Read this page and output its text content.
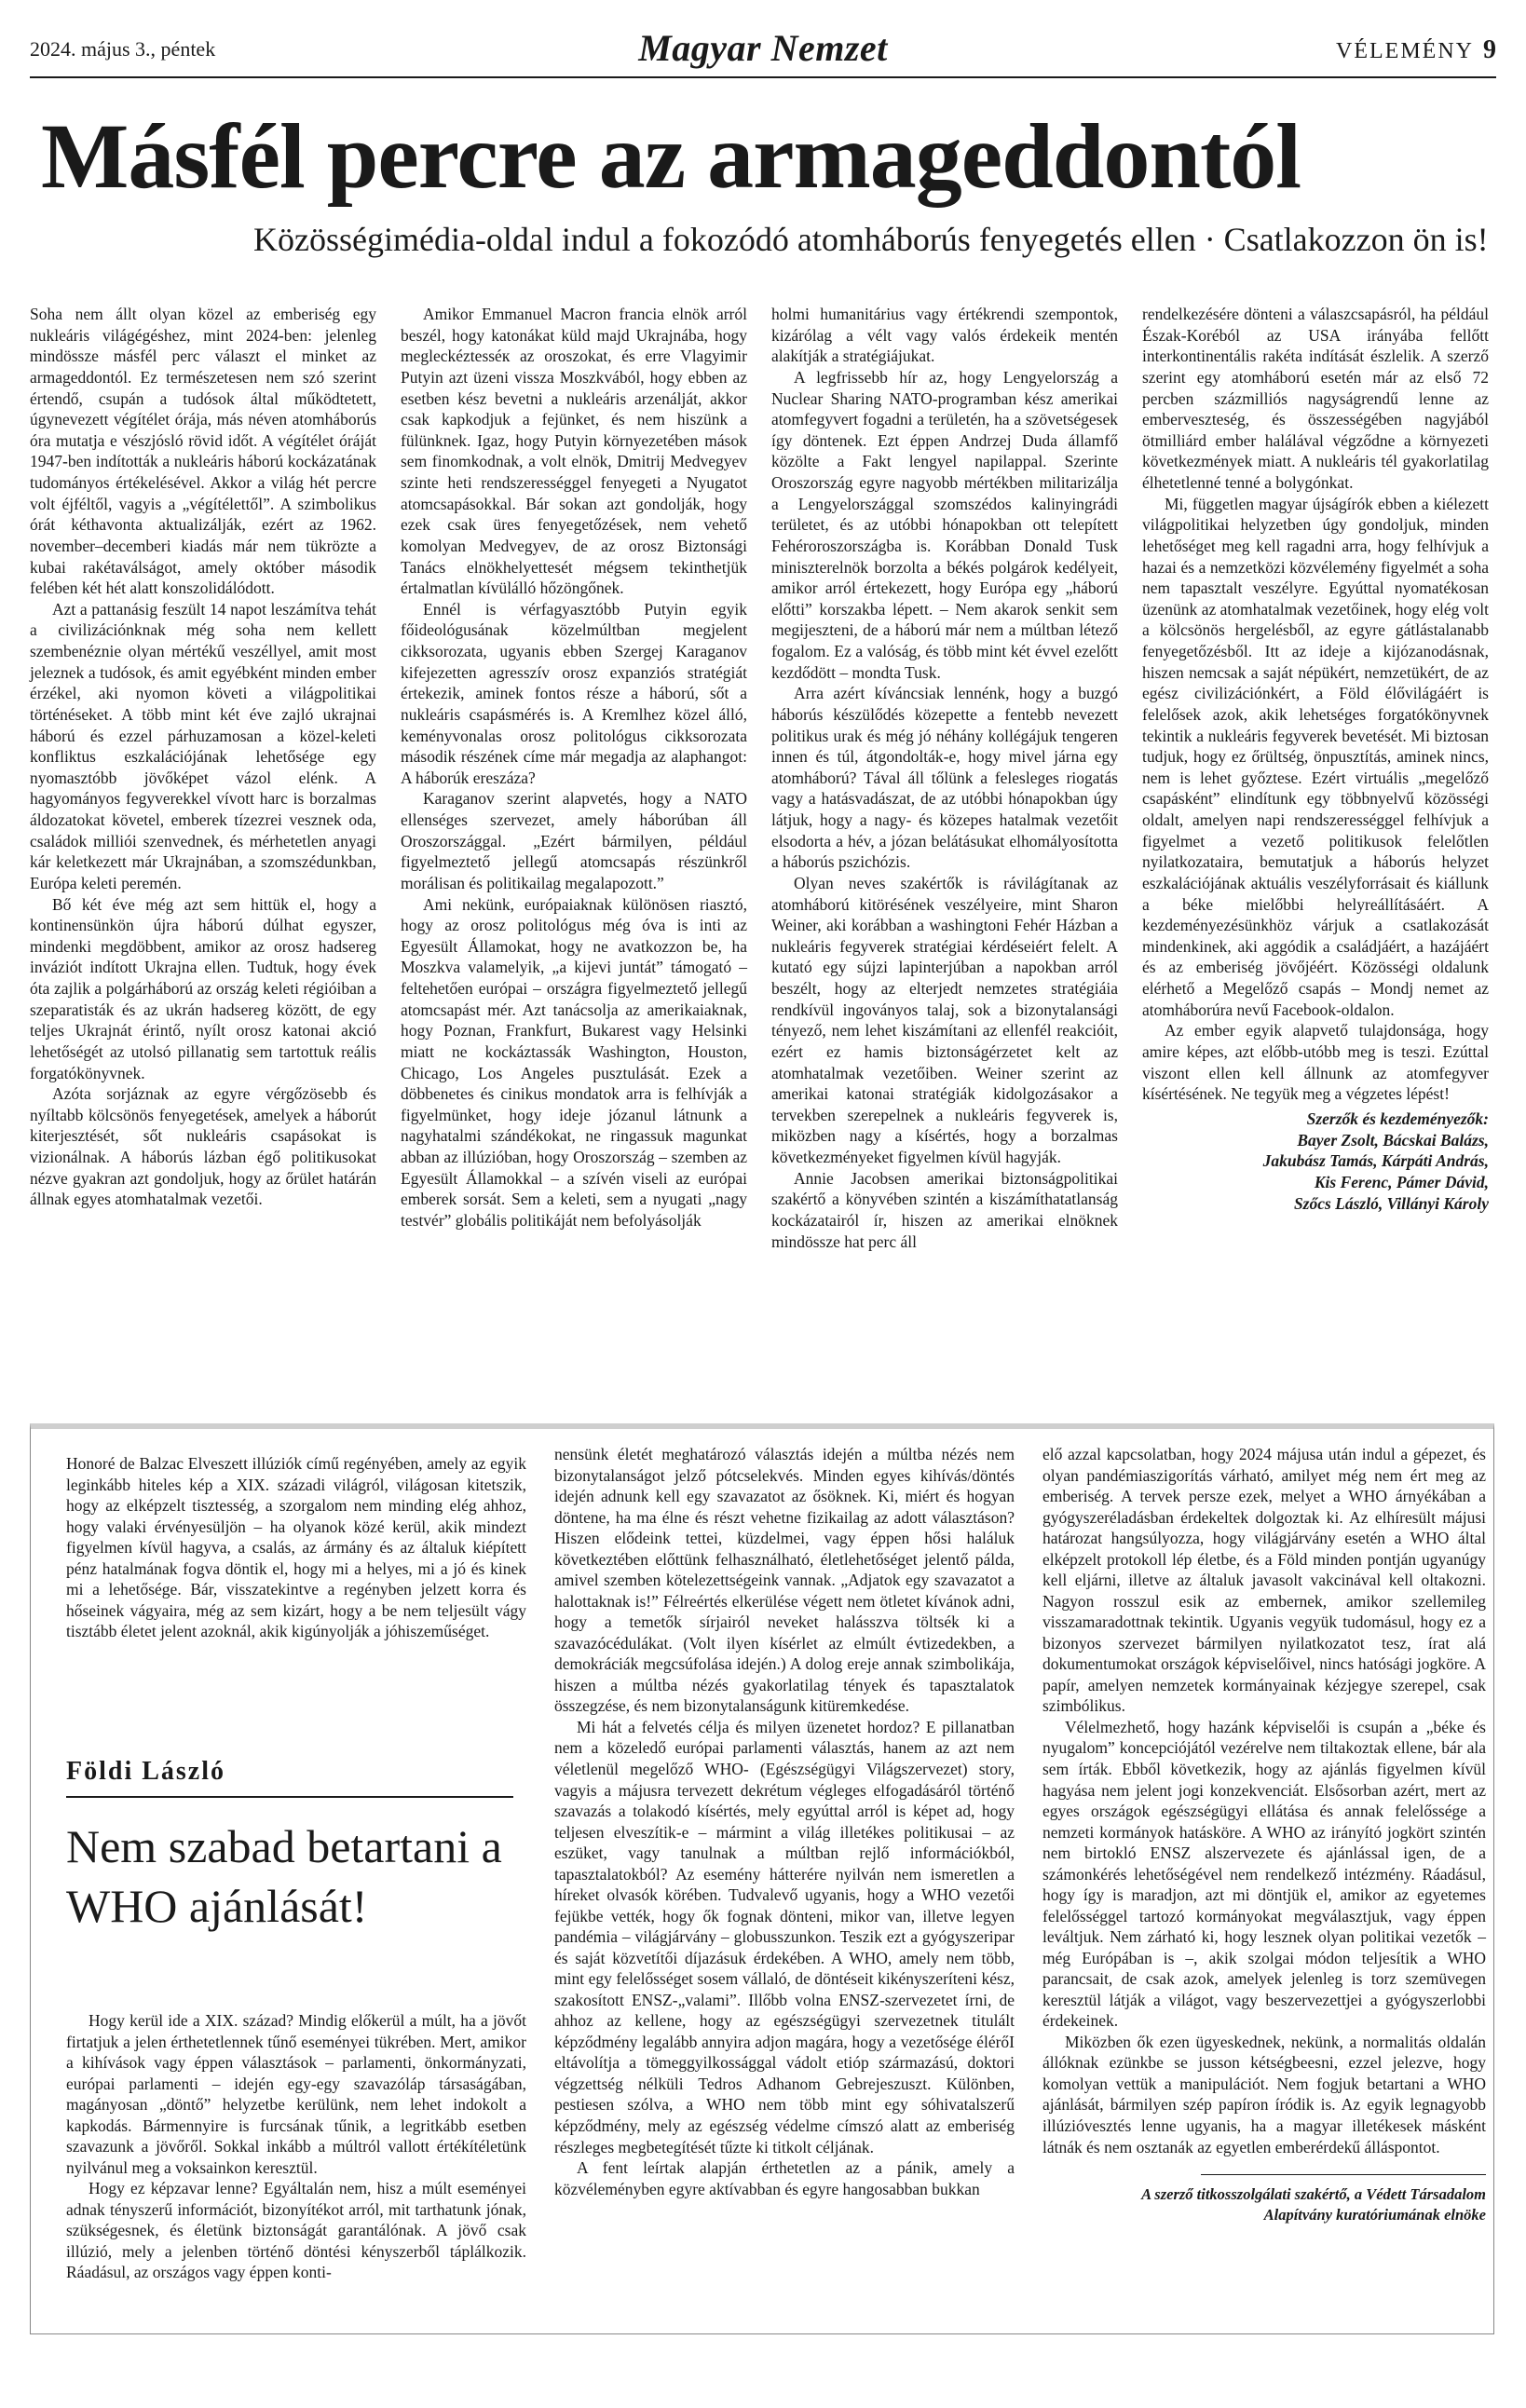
2024. május 3., péntek	Magyar Nemzet	VÉLEMÉNY 9
Másfél percre az armageddontól
Közösségimédia-oldal indul a fokozódó atomháborús fenyegetés ellen · Csatlakozzon ön is!

Soha nem állt olyan közel az emberiség egy nukleáris világégéshez, mint 2024-ben: jelenleg mindössze másfél perc választ el minket az armageddontól. Ez természetesen nem szó szerint értendő, csupán a tudósok által működtetett, úgynevezett végítélet órája, más néven atomháborús óra mutatja e vészjósló rövid időt. A végítélet óráját 1947-ben indították a nukleáris háború kockázatának tudományos értékelésével. Akkor a világ hét percre volt éjféltől, vagyis a „végítélettől”. A szimbolikus órát kéthavonta aktualizálják, ezért az 1962. november–decemberi kiadás már nem tükrözte a kubai rakétaválságot, amely október második felében két hét alatt konszolidálódott.

Azt a pattanásig feszült 14 napot leszámítva tehát a civilizációnknak még soha nem kellett szembenéznie olyan mértékű veszéllyel, amit most jeleznek a tudósok, és amit egyébként minden ember érzékel, aki nyomon követi a világpolitikai történéseket. A több mint két éve zajló ukrajnai háború és ezzel párhuzamosan a közel-keleti konfliktus eszkalációjának lehetősége egy nyomasztóbb jövőképet vázol elénk. A hagyományos fegyverekkel vívott harc is borzalmas áldozatokat követel, emberek tízezrei vesznek oda, családok milliói szenvednek, és mérhetetlen anyagi kár keletkezett már Ukrajnában, a szomszédunkban, Európa keleti peremén.

Bő két éve még azt sem hittük el, hogy a kontinensünkön újra háború dúlhat egyszer, mindenki megdöbbent, amikor az orosz hadsereg inváziót indított Ukrajna ellen. Tudtuk, hogy évek óta zajlik a polgárháború az ország keleti régióiban a szeparatisták és az ukrán hadsereg között, de egy teljes Ukrajnát érintő, nyílt orosz katonai akció lehetőségét az utolsó pillanatig sem tartottuk reális forgatókönyvnek.

Azóta sorjáznak az egyre vérgőzösebb és nyíltabb kölcsönös fenyegetések, amelyek a háborút kiterjesztését, sőt nukleáris csapásokat is vizionálnak. A háborús lázban égő politikusokat nézve gyakran azt gondoljuk, hogy az őrület határán állnak egyes atomhatalmak vezetői.

Amikor Emmanuel Macron francia elnök arról beszél, hogy katonákat küld majd Ukrajnába, hogy megleckéztesséк az oroszokat, és erre Vlagyimir Putyin azt üzeni vissza Moszkvából, hogy ebben az esetben kész bevetni a nukleáris arzenálját, akkor csak kapkodjuk a fejünket, és nem hiszünk a fülünknek. Igaz, hogy Putyin környezetében mások sem finomkodnak, a volt elnök, Dmitrij Medvegyev szinte heti rendszerességgel fenyegeti a Nyugatot atomcsapásokkal. Bár sokan azt gondolják, hogy ezek csak üres fenyegetőzések, nem vehető komolyan Medvegyev, de az orosz Biztonsági Tanács elnökhelyettesét mégsem tekinthetjük értalmatlan kívülálló hőzöngőnek.

Ennél is vérfagyasztóbb Putyin egyik főideológusának közelmúltban megjelent cikksorozata, ugyanis ebben Szergej Karaganov kifejezetten agresszív orosz expanziós stratégiát értekezik, aminek fontos része a háború, sőt a nukleáris csapásmérés is. A Kremlhez közel álló, keményvonalas orosz politológus cikksorozata második részének címe már megadja az alaphangot: A háborúk ereszáza?

Karaganov szerint alapvetés, hogy a NATO ellenséges szervezet, amely háborúban áll Oroszországgal. „Ezért bármilyen, például figyelmeztető jellegű atomcsapás részünkről morálisan és politikailag megalapozott.”

Ami nekünk, európaiaknak különösen riasztó, hogy az orosz politológus még óva is inti az Egyesült Államokat, hogy ne avatkozzon be, ha Moszkva valamelyik, „a kijevi juntát” támogató – feltehetően európai – országra figyelmeztető jellegű atomcsapást mér. Azt tanácsolja az amerikaiaknak, hogy Poznan, Frankfurt, Bukarest vagy Helsinki miatt ne kockáztassák Washington, Houston, Chicago, Los Angeles pusztulását. Ezek a döbbenetes és cinikus mondatok arra is felhívják a figyelmünket, hogy ideje józanul látnunk a nagyhatalmi szándékokat, ne ringassuk magunkat abban az illúzióban, hogy Oroszország – szemben az Egyesült Államokkal – a szívén viseli az európai emberek sorsát. Sem a keleti, sem a nyugati „nagy testvér” globális politikáját nem befolyásolják

holmi humanitárius vagy értékrendi szempontok, kizárólag a vélt vagy valós érdekeik mentén alakítják a stratégiájukat.

A legfrissebb hír az, hogy Lengyelország a Nuclear Sharing NATO-programban kész amerikai atomfegyvert fogadni a területén, ha a szövetségesek így döntenek. Ezt éppen Andrzej Duda államfő közölte a Fakt lengyel napilappal. Szerinte Oroszország egyre nagyobb mértékben militarizálja a Lengyelországgal szomszédos kalinyingrádi területet, és az utóbbi hónapokban ott telepített Fehéroroszországba is. Korábban Donald Tusk miniszterelnök borzolta a békés polgárok kedélyeit, amikor arról értekezett, hogy Európa egy „háború előtti” korszakba lépett. – Nem akarok senkit sem megijeszteni, de a háború már nem a múltban létező fogalom. Ez a valóság, és több mint két évvel ezelőtt kezdődött – mondta Tusk.

Arra azért kíváncsiak lennénk, hogy a buzgó háborús készülődés közepette a fentebb nevezett politikus urak és még jó néhány kollégájuk tengeren innen és túl, átgondolták-e, hogy mivel járna egy atomháború? Tával áll tőlünk a felesleges riogatás vagy a hatásvadászat, de az utóbbi hónapokban úgy látjuk, hogy a nagy- és közepes hatalmak vezetőit elsodorta a hév, a józan belátásukat elhomályosította a háborús pszichózis.

Olyan neves szakértők is rávilágítanak az atomháború kitörésének veszélyeire, mint Sharon Weiner, aki korábban a washingtoni Fehér Házban a nukleáris fegyverek stratégiai kérdéseiért felelt. A kutató egy sújzi lapinterjúban a napokban arról beszélt, hogy az elterjedt nemzetes stratégiáia rendkívül ingoványos talaj, sok a bizonytalansági tényező, nem lehet kiszámítani az ellenfél reakcióit, ezért ez hamis biztonságérzetet kelt az atomhatalmak vezetőiben. Weiner szerint az amerikai katonai stratégiák kidolgozásakor a tervekben szerepelnek a nukleáris fegyverek is, miközben nagy a kísértés, hogy a borzalmas következményeket figyelmen kívül hagyják.

Annie Jacobsen amerikai biztonságpolitikai szakértő a könyvében szintén a kiszámíthatatlanság kockázatairól ír, hiszen az amerikai elnöknek mindössze hat perc áll

rendelkezésére dönteni a válaszcsapásról, ha például Észak-Koréból az USA irányába fellőtt interkontinentális rakéta indítását észlelik. A szerző szerint egy atomháború esetén már az első 72 percben százmilliós nagyságrendű lenne az emberveszteség, és összességében nagyjából ötmilliárd ember halálával végződne a környezeti következmények miatt. A nukleáris tél gyakorlatilag élhetetlenné tenné a bolygónkat.

Mi, független magyar újságírók ebben a kiélezett világpolitikai helyzetben úgy gondoljuk, minden lehetőséget meg kell ragadni arra, hogy felhívjuk a hazai és a nemzetközi közvélemény figyelmét a soha nem tapasztalt veszélyre. Egyúttal nyomatékosan üzenünk az atomhatalmak vezetőinek, hogy elég volt a kölcsönös hergelésből, az egyre gátlástalanabb fenyegetőzésből. Itt az ideje a kijózanodásnak, hiszen nemcsak a saját népükért, nemzetükért, de az egész civilizációnkért, a Föld élővilágáért is felelősek azok, akik lehetséges forgatókönyvnek tekintik a nukleáris fegyverek bevetését. Mi biztosan tudjuk, hogy ez őrültség, önpusztítás, aminek nincs, nem is lehet győztese. Ezért virtuális „megelőző csapásként” elindítunk egy többnyelvű közösségi oldalt, amelyen napi rendszerességgel felhívjuk a figyelmet a vezető politikusok felelőtlen nyilatkozataira, bemutatjuk a háborús helyzet eszkalációjának aktuális veszélyforrásait és kiállunk a béke mielőbbi helyreállításáért. A kezdeményezésünkhöz várjuk a csatlakozását mindenkinek, aki aggódik a családjáért, a hazájáért és az emberiség jövőjéért. Közösségi oldalunk elérhető a Megelőző csapás – Mondj nemet az atomháborúra nevű Facebook-oldalon.

Az ember egyik alapvető tulajdonsága, hogy amire képes, azt előbb-utóbb meg is teszi. Ezúttal viszont ellen kell állnunk az atomfegyver kísértésének. Ne tegyük meg a végzetes lépést!

Szerzők és kezdeményezők:
Bayer Zsolt, Bácskai Balázs,
Jakubász Tamás, Kárpáti András,
Kis Ferenc, Pámer Dávid,
Szőcs László, Villányi Károly

Honoré de Balzac Elveszett illúziók című regényében, amely az egyik leginkább hiteles kép a XIX. századi világról, világosan kitetszik, hogy az elképzelt tisztesség, a szorgalom nem minding elég ahhoz, hogy valaki érvényesüljön – ha olyanok közé kerül, akik mindezt figyelmen kívül hagyva, a csalás, az ármány és az általuk kiépített pénz hatalmának fogva döntik el, hogy mi a helyes, mi a jó és kinek mi a lehetősége. Bár, visszatekintve a regényben jelzett korra és hőseinek vágyaira, még az sem kizárt, hogy a be nem teljesült vágy tisztább életet jelent azoknál, akik kigúnyolják a jóhiszeműséget.

Földi László
Nem szabad betartani a WHO ajánlását!

Hogy kerül ide a XIX. század? Mindig előkerül a múlt, ha a jövőt firtatjuk a jelen érthetetlennek tűnő eseményei tükrében. Mert, amikor a kihívások vagy éppen választások – parlamenti, önkormányzati, európai parlamenti – idején egy-egy szavazóláp társaságában, magányosan „döntő” helyzetbe kerülünk, nem lehet indokolt a kapkodás. Bármennyire is furcsának tűnik, a legritkább esetben szavazunk a jövőről. Sokkal inkább a múltról vallott értékítéletünk nyilvánul meg a voksainkon keresztül.

Hogy ez képzavar lenne? Egyáltalán nem, hisz a múlt eseményei adnak tényszerű információt, bizonyítékot arról, mit tarthatunk jónak, szükségesnek, és életünk biztonságát garantálónak. A jövő csak illúzió, mely a jelenben történő döntési kényszerből táplálkozik. Ráadásul, az országos vagy éppen konti-

nensünk életét meghatározó választás idején a múltba nézés nem bizonytalanságot jelző pótcselekvés. Minden egyes kihívás/döntés idején adnunk kell egy szavazatot az ősöknek. Ki, miért és hogyan döntene, ha ma élne és részt vehetne fizikailag az adott választáson? Hiszen elődeink tettei, küzdelmei, vagy éppen hősi haláluk következtében előttünk felhasználható, életlehetőséget jelentő pálda, amivel szemben kötelezettségeink vannak. „Adjatok egy szavazatot a halottaknak is!” Félreértés elkerülése végett nem ötletet kívánok adni, hogy a temetők sírjairól neveket halásszva töltsék ki a szavazócédulákat. (Volt ilyen kísérlet az elmúlt évtizedekben, a demokráciák megcsúfolása idején.) A dolog ereje annak szimbolikája, hiszen a múltba nézés gyakorlatilag tények és tapasztalatok összegzése, és nem bizonytalanságunk kitüremkedése.

Mi hát a felvetés célja és milyen üzenetet hordoz? E pillanatban nem a közeledő európai parlamenti választás, hanem az azt nem véletlenül megelőző WHO- (Egészségügyi Világszervezet) story, vagyis a májusra tervezett dekrétum végleges elfogadásáról történő szavazás a tolakodó kísértés, mely egyúttal arról is képet ad, hogy teljesen elveszítik-e – mármint a világ illetékes politikusai – az eszüket, vagy tanulnak a múltban rejlő információkból, tapasztalatokból? Az esemény hátterére nyilván nem ismeretlen a híreket olvasók körében. Tudvalevő ugyanis, hogy a WHO vezetői fejükbe vették, hogy ők fognak dönteni, mikor van, illetve legyen pandémia – világjárvány – globusszunkon. Teszik ezt a gyógyszeripar és saját közvetítői díjazásuk érdekében. A WHO, amely nem több, mint egy felelősséget sosem vállaló, de döntéseit kikényszeríteni kész, szakosított ENSZ-„valami”. Illőbb volna ENSZ-szervezetet írni, de ahhoz az kellene, hogy az egészségügyi szervezetnek titulált képződmény legalább annyira adjon magára, hogy a vezetősége élérőI eltávolítja a tömeggyilkossággal vádolt etióp származású, doktori végzettség nélküli Tedros Adhanom Gebrejeszuszt. Különben, pestiesen szólva, a WHO nem több mint egy sóhivatalszerű képződmény, mely az egészség védelme címszó alatt az emberiség részleges megbetegítését tűzte ki titkolt céljának.

A fent leírtak alapján érthetetlen az a pánik, amely a közvéleményben egyre aktívabban és egyre hangosabban bukkan

elő azzal kapcsolatban, hogy 2024 májusa után indul a gépezet, és olyan pandémiaszigorítás várható, amilyet még nem ért meg az emberiség. A tervek persze ezek, melyet a WHO árnyékában a gyógyszeréladásban érdekeltek dolgoztak ki. Az elhíresült májusi határozat hangsúlyozza, hogy világjárvány esetén a WHO által elképzelt protokoll lép életbe, és a Föld minden pontján ugyanúgy kell eljárni, illetve az általuk javasolt vakcinával kell oltakozni. Nagyon rosszul esik az embernek, amikor szellemileg visszamaradottnak tekintik. Ugyanis vegyük tudomásul, hogy ez a bizonyos szervezet bármilyen nyilatkozatot tesz, írat alá dokumentumokat országok képviselőivel, nincs hatósági jogköre. A papír, amelyen nemzetek kormányainak kézjegye szerepel, csak szimbólikus.

Vélelmezhető, hogy hazánk képviselői is csupán a „béke és nyugalom” koncepciójától vezérelve nem tiltakoztak ellene, bár ala sem írták. Ebből következik, hogy az ajánlás figyelmen kívül hagyása nem jelent jogi konzekvenciát. Elsősorban azért, mert az egyes országok egészségügyi ellátása és annak felelőssége a nemzeti kormányok hatásköre. A WHO az irányító jogkört szintén nem birtokló ENSZ alszervezete és ajánlással igen, de a számonkérés lehetőségével nem rendelkező intézmény. Ráadásul, hogy így is maradjon, azt mi döntjük el, amikor az egyetemes felelősséggel tartozó kormányokat megválasztjuk, vagy éppen leváltjuk. Nem zárható ki, hogy lesznek olyan politikai vezetők – még Európában is –, akik szolgai módon teljesítik a WHO parancsait, de csak azok, amelyek jelenleg is torz szemüvegen keresztül látják a világot, vagy beszervezettjei a gyógyszerlobbi érdekeinek.

Miközben ők ezen ügyeskednek, nekünk, a normalitás oldalán állóknak ezünkbe se jusson kétségbeesni, ezzel jelezve, hogy komolyan vettük a manipulációt. Nem fogjuk betartani a WHO ajánlását, bármilyen szép papíron íródik is. Az egyik legnagyobb illúzióvesztés lenne ugyanis, ha a magyar illetékesek másként látnák és nem osztanák az egyetlen emberérdekű álláspontot.

A szerző titkosszolgálati szakértő, a Védett Társadalom
Alapítvány kuratóriumának elnöke
